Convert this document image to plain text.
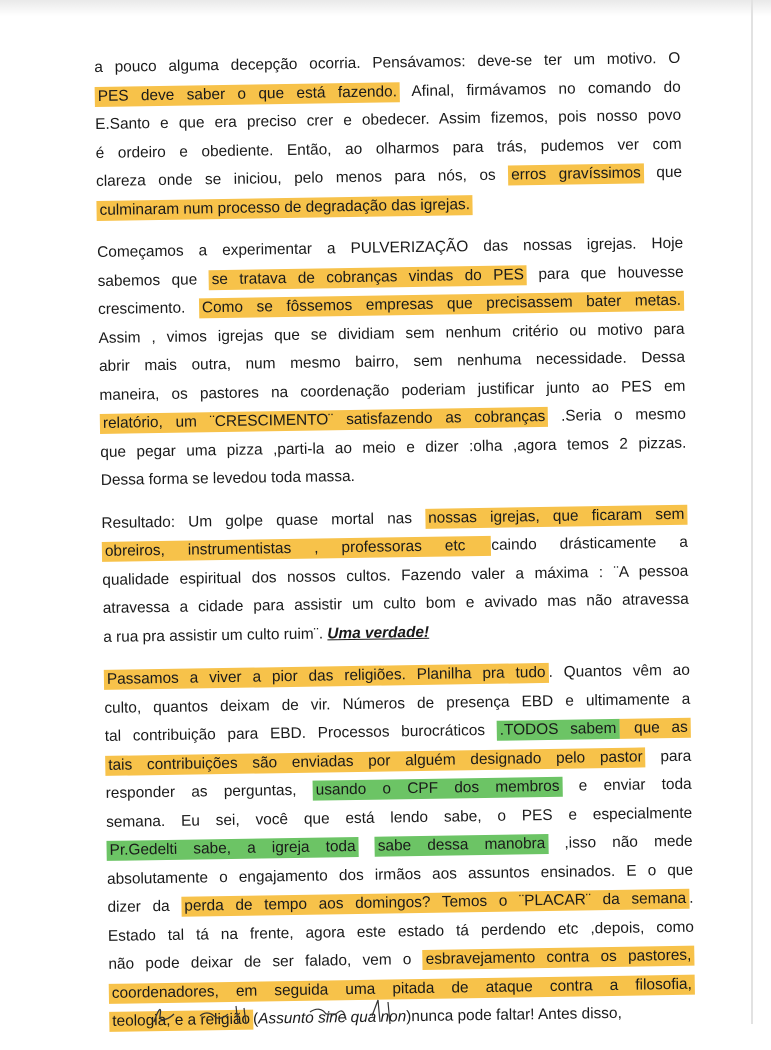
a pouco alguma decepção ocorria. Pensávamos: deve-se ter um motivo. O
PES deve saber o que está fazendo. Afinal, firmávamos no comando do
E.Santo e que era preciso crer e obedecer. Assim fizemos, pois nosso povo
é ordeiro e obediente. Então, ao olharmos para trás, pudemos ver com
clareza onde se iniciou, pelo menos para nós, os erros gravíssimos que
culminaram num processo de degradação das igrejas.
Começamos a experimentar a PULVERIZAÇÃO das nossas igrejas. Hoje
sabemos que se tratava de cobranças vindas do PES para que houvesse
crescimento. Como se fôssemos empresas que precisassem bater metas.
Assim , vimos igrejas que se dividiam sem nenhum critério ou motivo para
abrir mais outra, num mesmo bairro, sem nenhuma necessidade. Dessa
maneira, os pastores na coordenação poderiam justificar junto ao PES em
relatório, um ¨CRESCIMENTO¨ satisfazendo as cobranças .Seria o mesmo
que pegar uma pizza ,parti-la ao meio e dizer :olha ,agora temos 2 pizzas.
Dessa forma se levedou toda massa.
Resultado: Um golpe quase mortal nas nossas igrejas, que ficaram sem
obreiros, instrumentistas , professoras etc caindo drásticamente a
qualidade espiritual dos nossos cultos. Fazendo valer a máxima : ¨A pessoa
atravessa a cidade para assistir um culto bom e avivado mas não atravessa
a rua pra assistir um culto ruim¨. Uma verdade!
Passamos a viver a pior das religiões. Planilha pra tudo . Quantos vêm ao
culto, quantos deixam de vir. Números de presença EBD e ultimamente a
tal contribuição para EBD. Processos burocráticos .TODOS sabem que as
tais contribuições são enviadas por alguém designado pelo pastor para
responder as perguntas, usando o CPF dos membros e enviar toda
semana. Eu sei, você que está lendo sabe, o PES e especialmente
Pr.Gedelti sabe, a igreja toda sabe dessa manobra ,isso não mede
absolutamente o engajamento dos irmãos aos assuntos ensinados. E o que
dizer da perda de tempo aos domingos? Temos o ¨PLACAR¨ da semana .
Estado tal tá na frente, agora este estado tá perdendo etc ,depois, como
não pode deixar de ser falado, vem o esbravejamento contra os pastores,
coordenadores, em seguida uma pitada de ataque contra a filosofia,
teologia, e a religião (Assunto sine qua non)nunca pode faltar! Antes disso,
